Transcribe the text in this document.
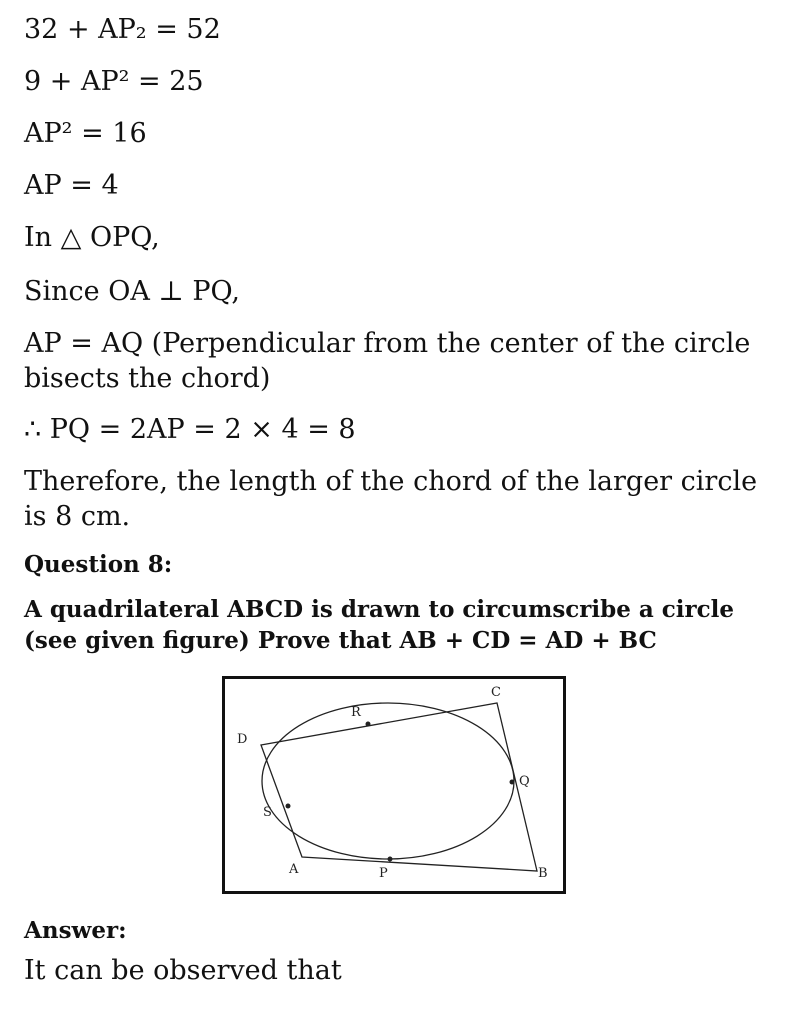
32 + AP₂ = 52
9 + AP² = 25
AP² = 16
AP = 4
In △ OPQ,
Since OA ⊥ PQ,
AP = AQ (Perpendicular from the center of the circle bisects the chord)
∴ PQ = 2AP = 2 × 4 = 8
Therefore, the length of the chord of the larger circle is 8 cm.
Question 8:
A quadrilateral ABCD is drawn to circumscribe a circle
(see given figure) Prove that AB + CD = AD + BC
D
R
C
Q
S
A	P	B
Answer:
It can be observed that
